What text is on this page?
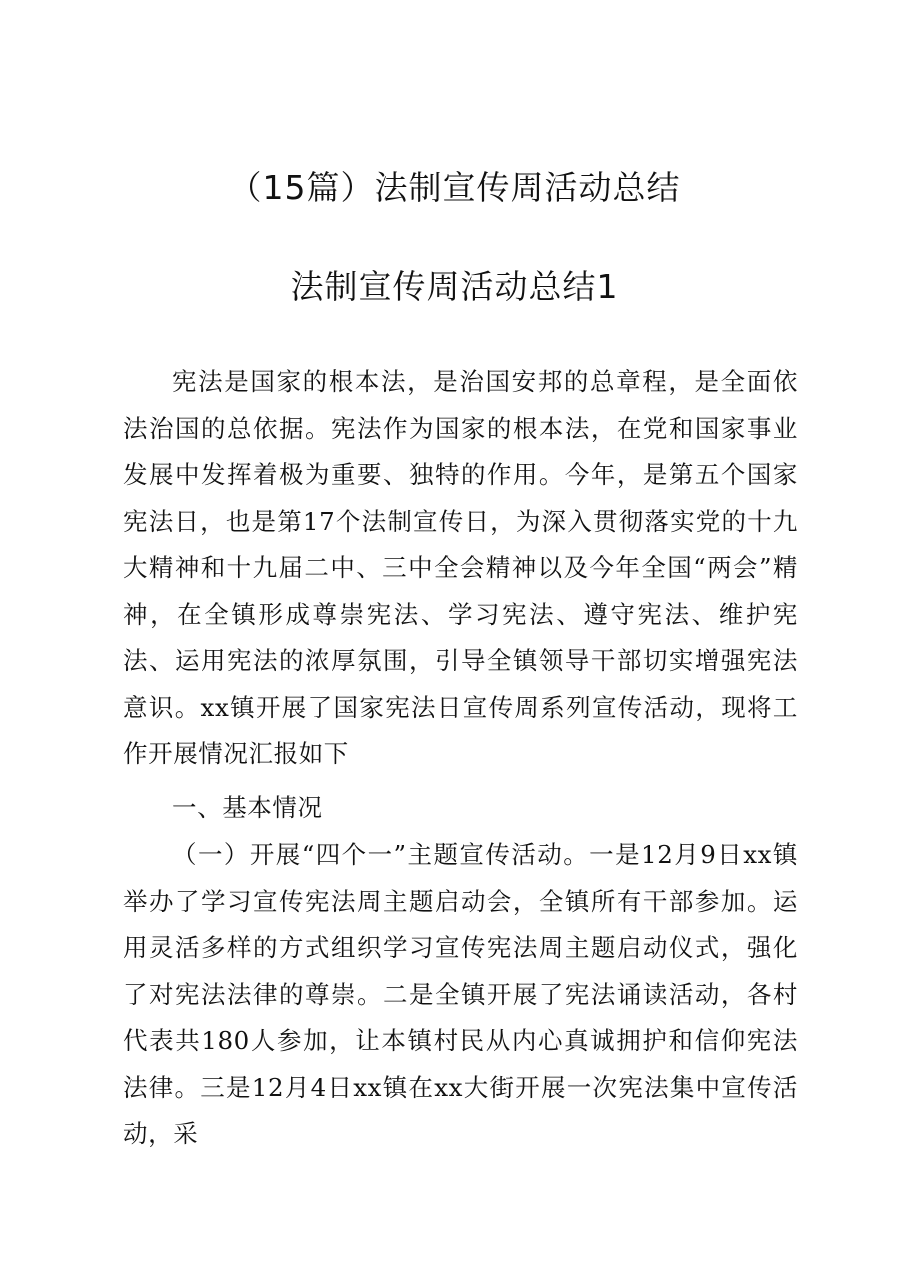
（15篇）法制宣传周活动总结
法制宣传周活动总结1

宪法是国家的根本法，是治国安邦的总章程，是全面依法治国的总依据。宪法作为国家的根本法，在党和国家事业发展中发挥着极为重要、独特的作用。今年，是第五个国家宪法日，也是第17个法制宣传日，为深入贯彻落实党的十九大精神和十九届二中、三中全会精神以及今年全国“两会”精神，在全镇形成尊崇宪法、学习宪法、遵守宪法、维护宪法、运用宪法的浓厚氛围，引导全镇领导干部切实增强宪法意识。xx镇开展了国家宪法日宣传周系列宣传活动，现将工作开展情况汇报如下

一、基本情况

（一）开展“四个一”主题宣传活动。一是12月9日xx镇举办了学习宣传宪法周主题启动会，全镇所有干部参加。运用灵活多样的方式组织学习宣传宪法周主题启动仪式，强化了对宪法法律的尊崇。二是全镇开展了宪法诵读活动，各村代表共180人参加，让本镇村民从内心真诚拥护和信仰宪法法律。三是12月4日xx镇在xx大街开展一次宪法集中宣传活动，采
